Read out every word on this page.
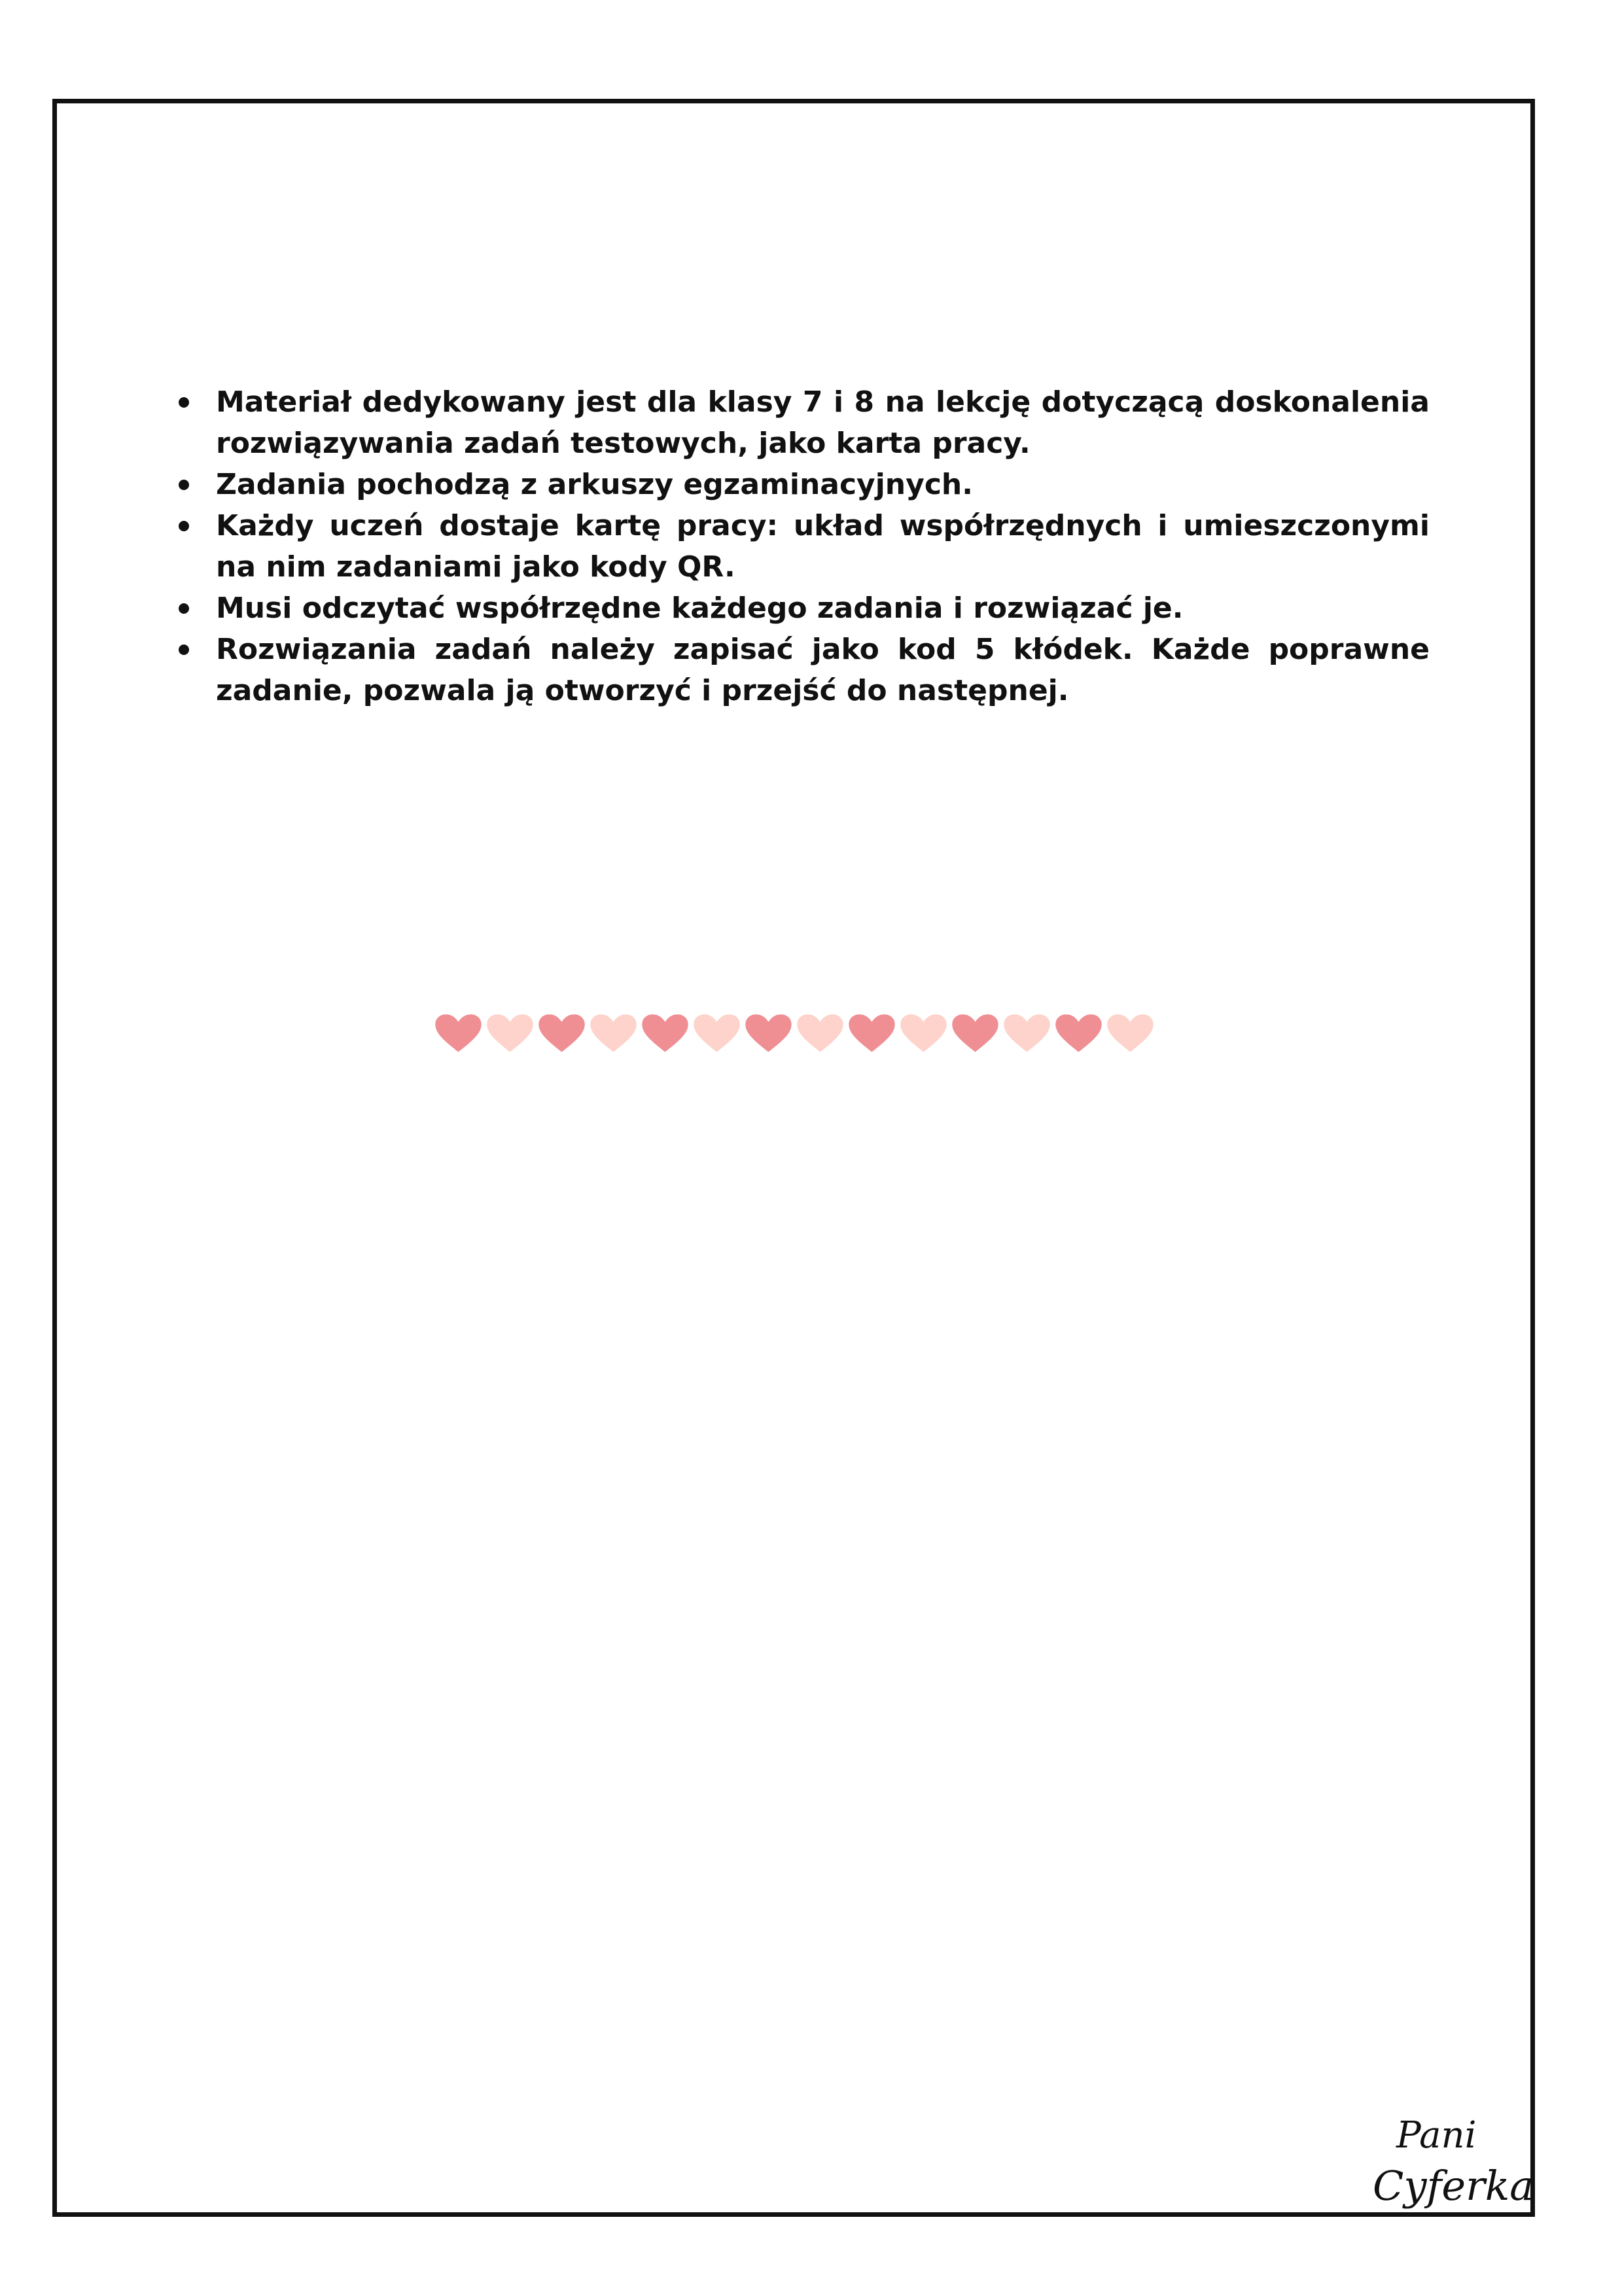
Materiał dedykowany jest dla klasy 7 i 8 na lekcję dotyczącą doskonalenia rozwiązywania zadań testowych, jako karta pracy.
Zadania pochodzą z arkuszy egzaminacyjnych.
Każdy uczeń dostaje kartę pracy: układ współrzędnych i umieszczonymi na nim zadaniami jako kody QR.
Musi odczytać współrzędne każdego zadania i rozwiązać je.
Rozwiązania zadań należy zapisać jako kod 5 kłódek. Każde poprawne zadanie, pozwala ją otworzyć i przejść do następnej.
Pani
Cyferka
